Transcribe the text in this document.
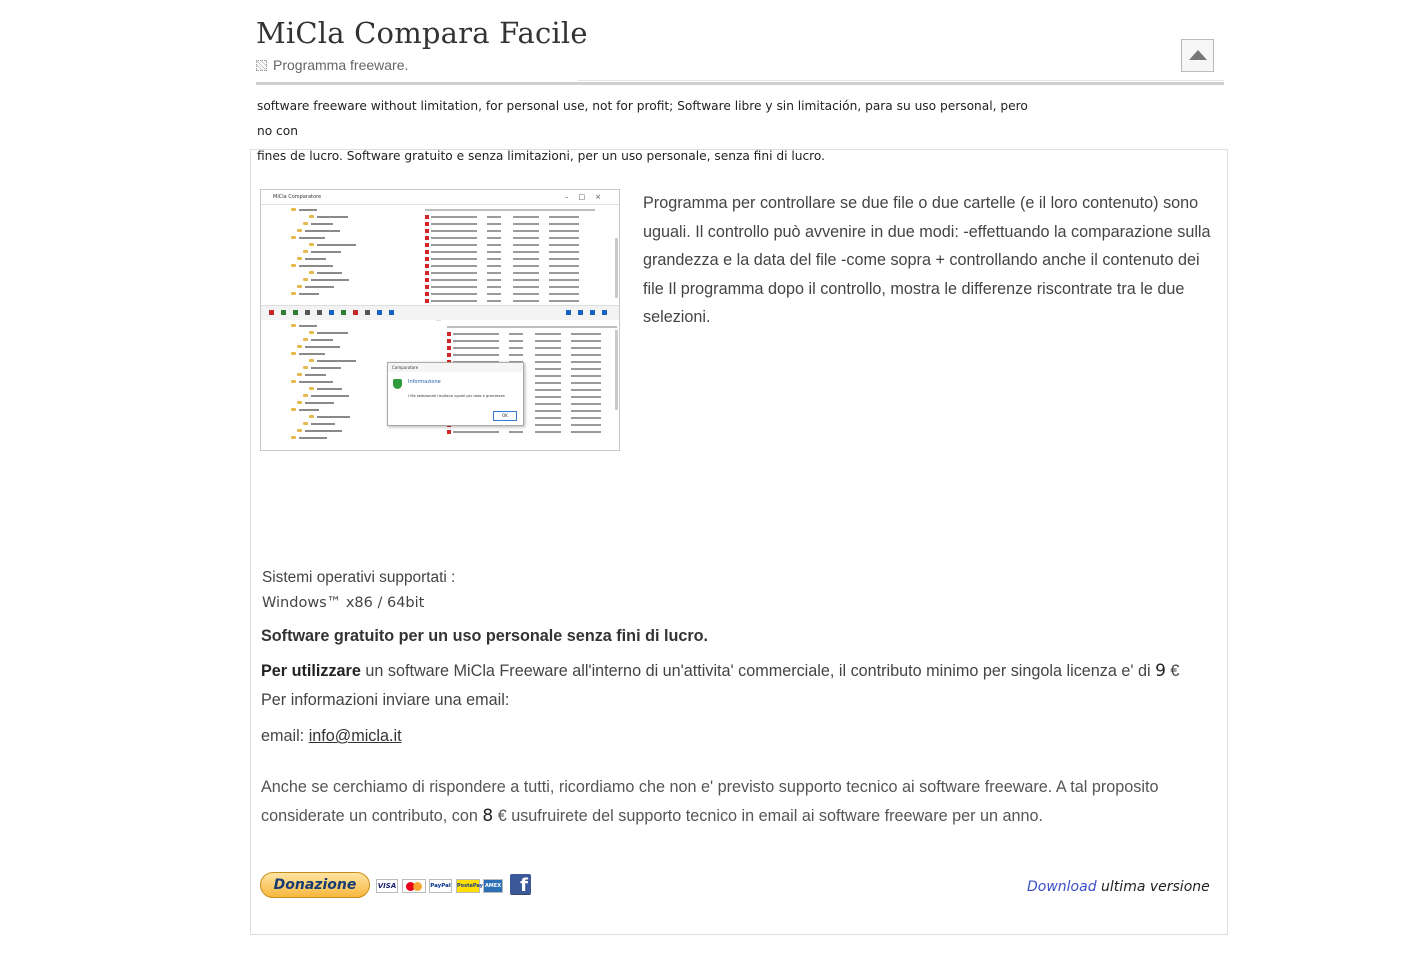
MiCla Compara Facile
Programma freeware.
software freeware without limitation, for personal use, not for profit; Software libre y sin limitación, para su uso personal, pero no con
fines de lucro. Software gratuito e senza limitazioni, per un uso personale, senza fini di lucro.
MiCla Comparatore	–□×
Comparatore
Informazione
I file selezionati risultano uguali per data e grandezza
OK
Programma per controllare se due file o due cartelle (e il loro contenuto) sono uguali. Il controllo può avvenire in due modi: -effettuando la comparazione sulla grandezza e la data del file -come sopra + controllando anche il contenuto dei file Il programma dopo il controllo, mostra le differenze riscontrate tra le due selezioni.
Sistemi operativi supportati :
Windows™ x86 / 64bit
Software gratuito per un uso personale senza fini di lucro.
Per utilizzare un software MiCla Freeware all'interno di un'attivita' commerciale, il contributo minimo per singola licenza e' di 9 €
Per informazioni inviare una email:
email: info@micla.it
Anche se cerchiamo di rispondere a tutti, ricordiamo che non e' previsto supporto tecnico ai software freeware. A tal proposito considerate un contributo, con 8 € usufruirete del supporto tecnico in email ai software freeware per un anno.
Donazione	VISA	PayPal PostePay AMEX	f	Download ultima versione
